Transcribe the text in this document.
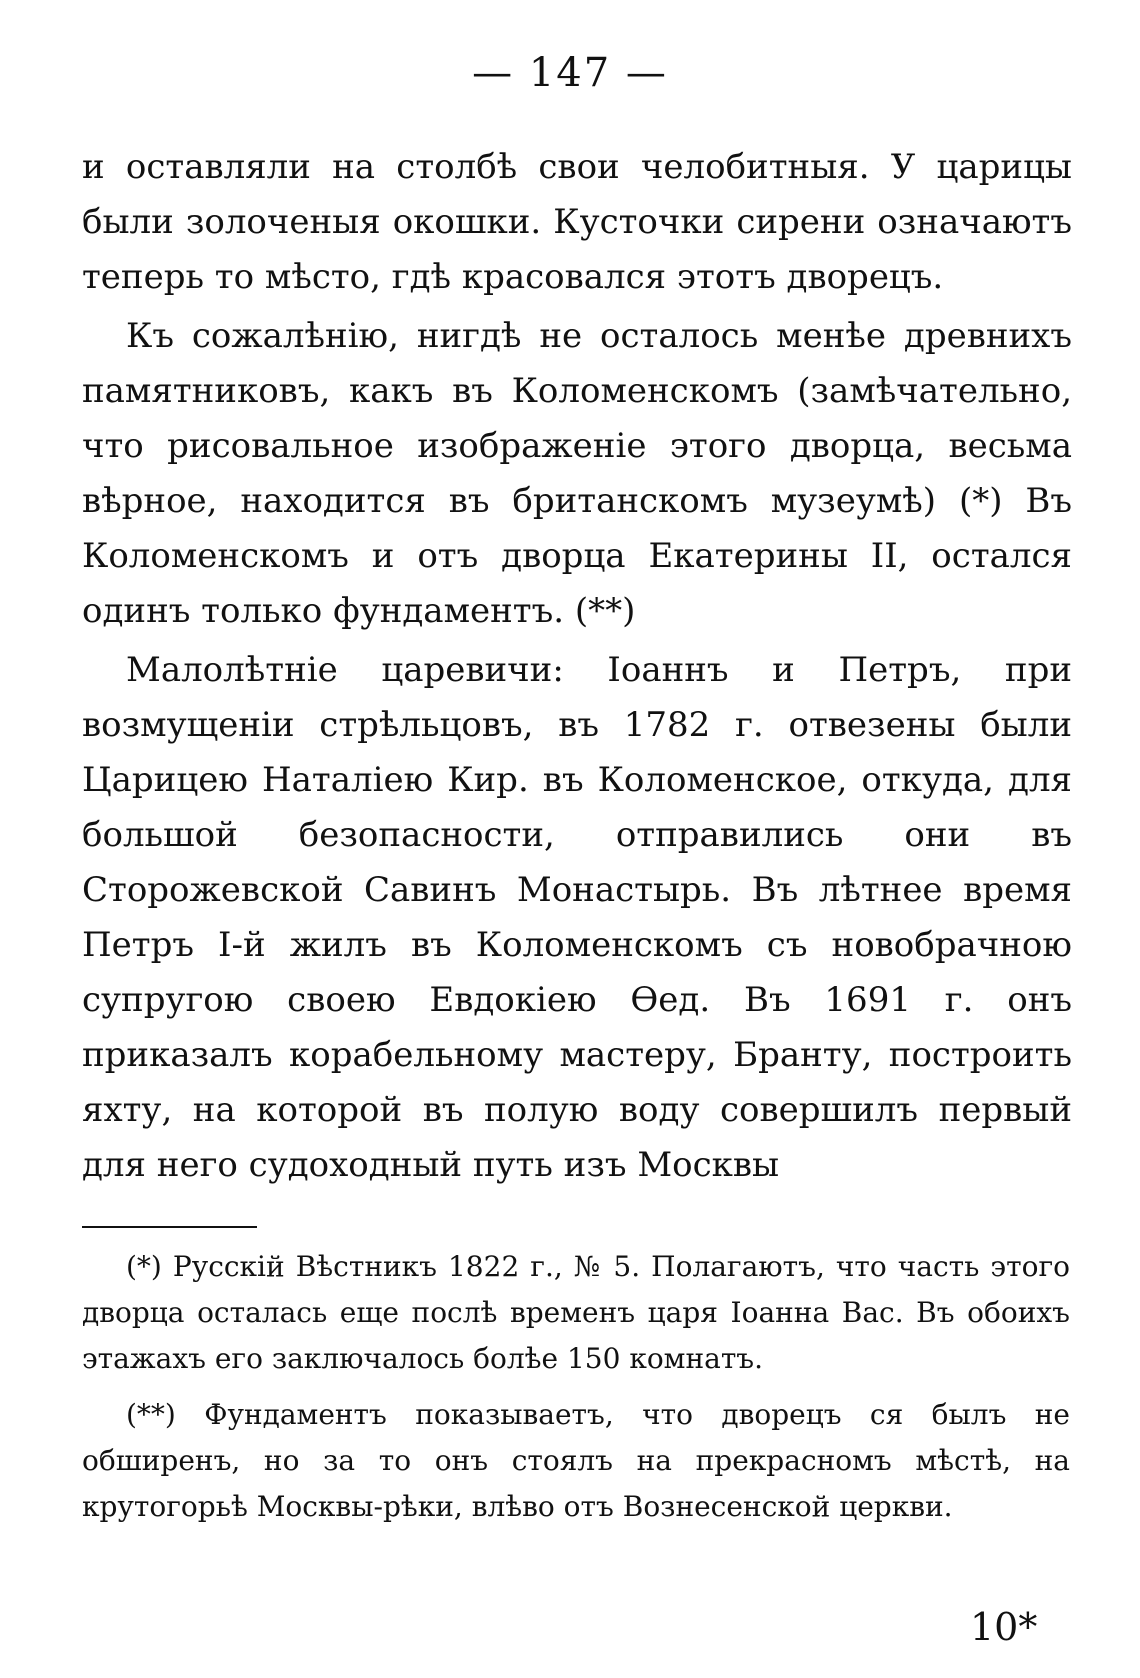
— 147 —

и оставляли на столбѣ свои челобитныя. У царицы были золоченыя окошки. Кусточки сирени означаютъ теперь то мѣсто, гдѣ красовался этотъ дворецъ.

Къ сожалѣнію, нигдѣ не осталось менѣе древнихъ памятниковъ, какъ въ Коломенскомъ (замѣчательно, что рисовальное изображеніе этого дворца, весьма вѣрное, находится въ британскомъ музеумѣ) (*) Въ Коломенскомъ и отъ дворца Екатерины II, остался одинъ только фундаментъ. (**)

Малолѣтніе царевичи: Іоаннъ и Петръ, при возмущеніи стрѣльцовъ, въ 1782 г. отвезены были Царицею Наталіею Кир. въ Коломенское, откуда, для большой безопасности, отправились они въ Сторожевской Савинъ Монастырь. Въ лѣтнее время Петръ І-й жилъ въ Коломенскомъ съ новобрачною супругою своею Евдокіею Ѳед. Въ 1691 г. онъ приказалъ корабельному мастеру, Бранту, построить яхту, на которой въ полую воду совершилъ первый для него судоходный путь изъ Москвы

(*) Русскій Вѣстникъ 1822 г., № 5. Полагаютъ, что часть этого дворца осталась еще послѣ временъ царя Іоанна Вас. Въ обоихъ этажахъ его заключалось болѣе 150 комнатъ.

(**) Фундаментъ показываетъ, что дворецъ ся былъ не обширенъ, но за то онъ стоялъ на прекрасномъ мѣстѣ, на крутогорьѣ Москвы-рѣки, влѣво отъ Вознесенской церкви.

10*
